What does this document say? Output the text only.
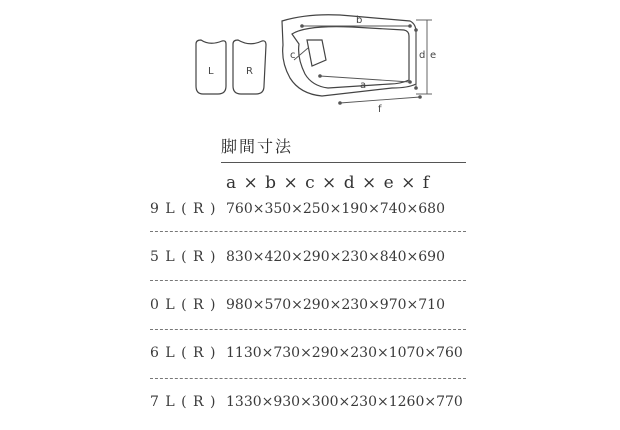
L	R
b
a
c	d e
f
脚間寸法
a × b × c × d × e × f
9 L ( R ) 760×350×250×190×740×680
5 L ( R ) 830×420×290×230×840×690
0 L ( R ) 980×570×290×230×970×710
6 L ( R ) 1130×730×290×230×1070×760
7 L ( R ) 1330×930×300×230×1260×770
